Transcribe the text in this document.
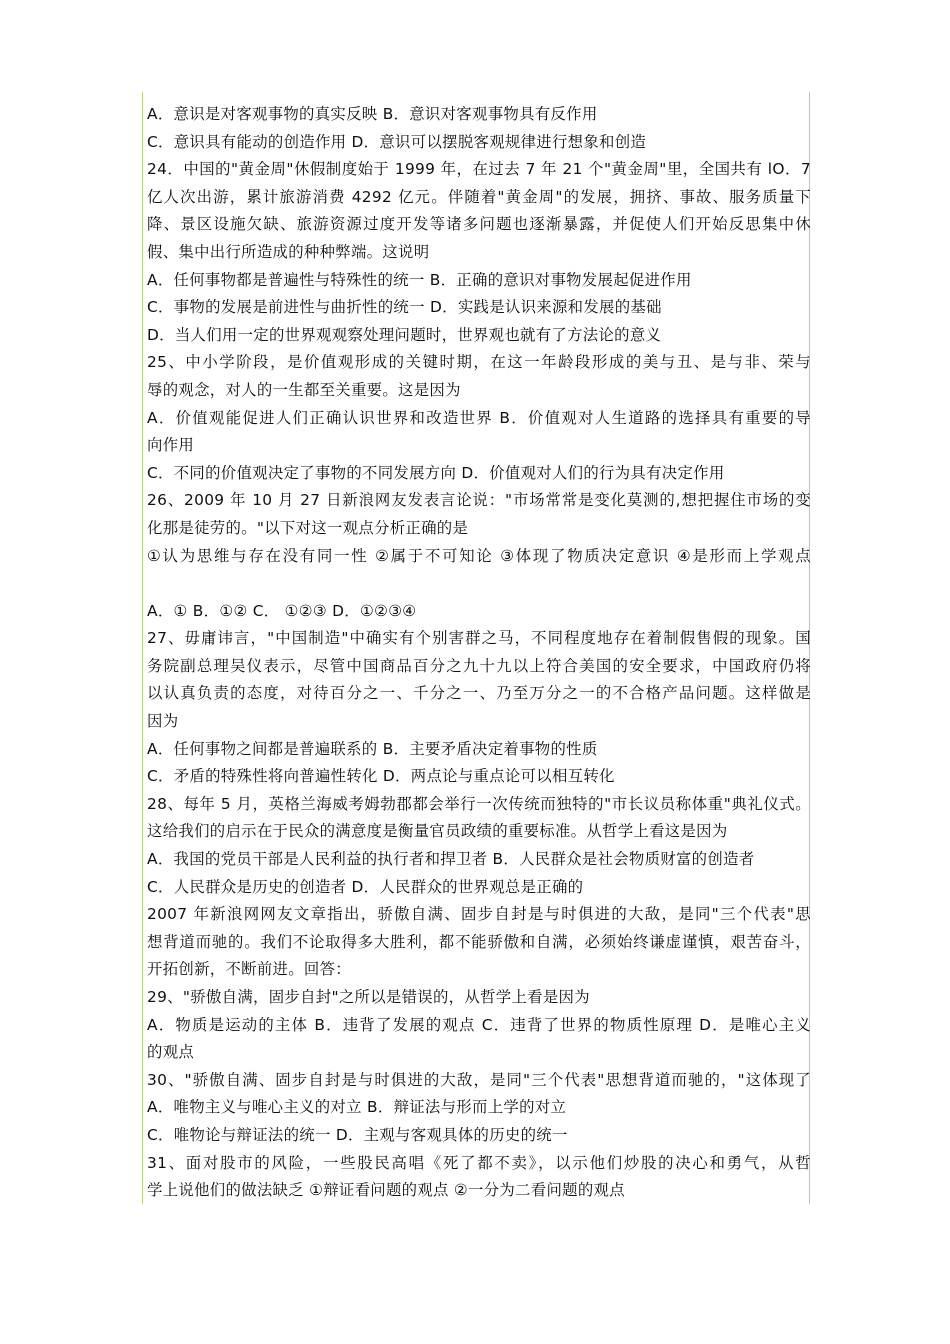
A．意识是对客观事物的真实反映 B．意识对客观事物具有反作用
C．意识具有能动的创造作用 D．意识可以摆脱客观规律进行想象和创造
24．中国的"黄金周"休假制度始于 1999 年，在过去 7 年 21 个"黄金周"里，全国共有 lO．7
亿人次出游，累计旅游消费 4292 亿元。伴随着"黄金周"的发展，拥挤、事故、服务质量下
降、景区设施欠缺、旅游资源过度开发等诸多问题也逐渐暴露，并促使人们开始反思集中休
假、集中出行所造成的种种弊端。这说明
A．任何事物都是普遍性与特殊性的统一 B．正确的意识对事物发展起促进作用
C．事物的发展是前进性与曲折性的统一 D．实践是认识来源和发展的基础
D．当人们用一定的世界观观察处理问题时，世界观也就有了方法论的意义
25、中小学阶段，是价值观形成的关键时期，在这一年龄段形成的美与丑、是与非、荣与
辱的观念，对人的一生都至关重要。这是因为
A．价值观能促进人们正确认识世界和改造世界 B．价值观对人生道路的选择具有重要的导
向作用
C．不同的价值观决定了事物的不同发展方向 D．价值观对人们的行为具有决定作用
26、2009 年 10 月 27 日新浪网友发表言论说："市场常常是变化莫测的,想把握住市场的变
化那是徒劳的。"以下对这一观点分析正确的是
①认为思维与存在没有同一性 ②属于不可知论 ③体现了物质决定意识 ④是形而上学观点
A．① B．①② C． ①②③ D．①②③④
27、毋庸讳言，"中国制造"中确实有个别害群之马，不同程度地存在着制假售假的现象。国
务院副总理吴仪表示，尽管中国商品百分之九十九以上符合美国的安全要求，中国政府仍将
以认真负责的态度，对待百分之一、千分之一、乃至万分之一的不合格产品问题。这样做是
因为
A．任何事物之间都是普遍联系的 B．主要矛盾决定着事物的性质
C．矛盾的特殊性将向普遍性转化 D．两点论与重点论可以相互转化
28、每年 5 月，英格兰海威考姆勃郡都会举行一次传统而独特的"市长议员称体重"典礼仪式。
这给我们的启示在于民众的满意度是衡量官员政绩的重要标准。从哲学上看这是因为
A．我国的党员干部是人民利益的执行者和捍卫者 B．人民群众是社会物质财富的创造者
C．人民群众是历史的创造者 D．人民群众的世界观总是正确的
2007 年新浪网网友文章指出，骄傲自满、固步自封是与时俱进的大敌，是同"三个代表"思
想背道而驰的。我们不论取得多大胜利，都不能骄傲和自满，必须始终谦虚谨慎，艰苦奋斗，
开拓创新，不断前进。回答：
29、"骄傲自满，固步自封"之所以是错误的，从哲学上看是因为
A．物质是运动的主体 B．违背了发展的观点 C．违背了世界的物质性原理 D．是唯心主义
的观点
30、"骄傲自满、固步自封是与时俱进的大敌，是同"三个代表"思想背道而驰的，"这体现了
A．唯物主义与唯心主义的对立 B．辩证法与形而上学的对立
C．唯物论与辩证法的统一 D．主观与客观具体的历史的统一
31、面对股市的风险，一些股民高唱《死了都不卖》，以示他们炒股的决心和勇气，从哲
学上说他们的做法缺乏 ①辩证看问题的观点 ②一分为二看问题的观点
